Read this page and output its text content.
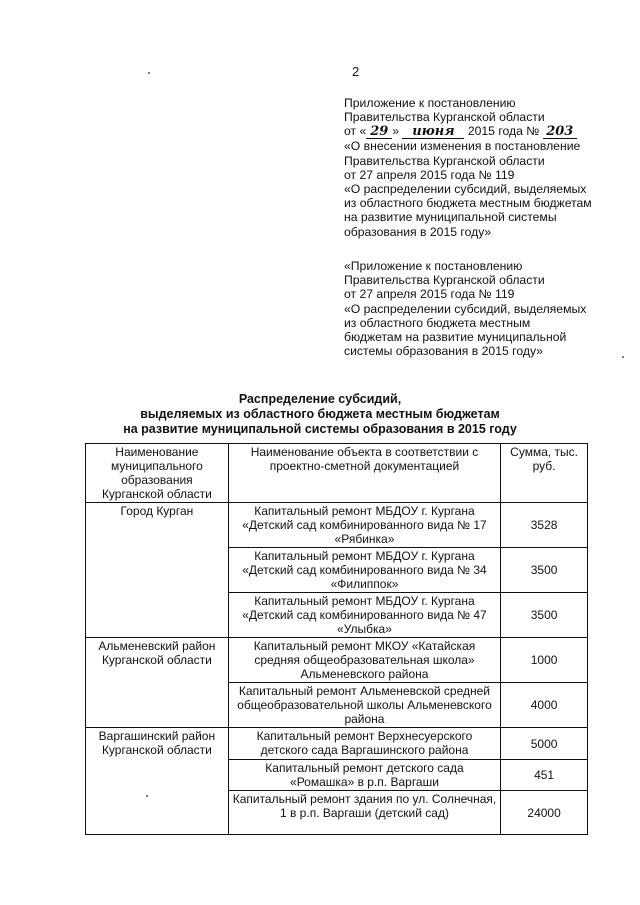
2
Приложение к постановлению
Правительства Курганской области
от « 29 » июня 2015 года № 203
«О внесении изменения в постановление
Правительства Курганской области
от 27 апреля 2015 года № 119
«О распределении субсидий, выделяемых
из областного бюджета местным бюджетам
на развитие муниципальной системы
образования в 2015 году»
«Приложение к постановлению
Правительства Курганской области
от 27 апреля 2015 года № 119
«О распределении субсидий, выделяемых
из областного бюджета местным
бюджетам на развитие муниципальной
системы образования в 2015 году»
Распределение субсидий,
выделяемых из областного бюджета местным бюджетам
на развитие муниципальной системы образования в 2015 году
Наименование муниципального образования Курганской области	Наименование объекта в соответствии с проектно-сметной документацией	Сумма, тыс. руб.
Город Курган	Капитальный ремонт МБДОУ г. Кургана «Детский сад комбинированного вида № 17 «Рябинка»	3528
	Капитальный ремонт МБДОУ г. Кургана «Детский сад комбинированного вида № 34 «Филиппок»	3500
	Капитальный ремонт МБДОУ г. Кургана «Детский сад комбинированного вида № 47 «Улыбка»	3500
Альменевский район Курганской области	Капитальный ремонт МКОУ «Катайская средняя общеобразовательная школа» Альменевского района	1000
	Капитальный ремонт Альменевской средней общеобразовательной школы Альменевского района	4000
Варгашинский район Курганской области	Капитальный ремонт Верхнесуерского детского сада Варгашинского района	5000
	Капитальный ремонт детского сада «Ромашка» в р.п. Варгаши	451
	Капитальный ремонт здания по ул. Солнечная, 1 в р.п. Варгаши (детский сад)	24000
